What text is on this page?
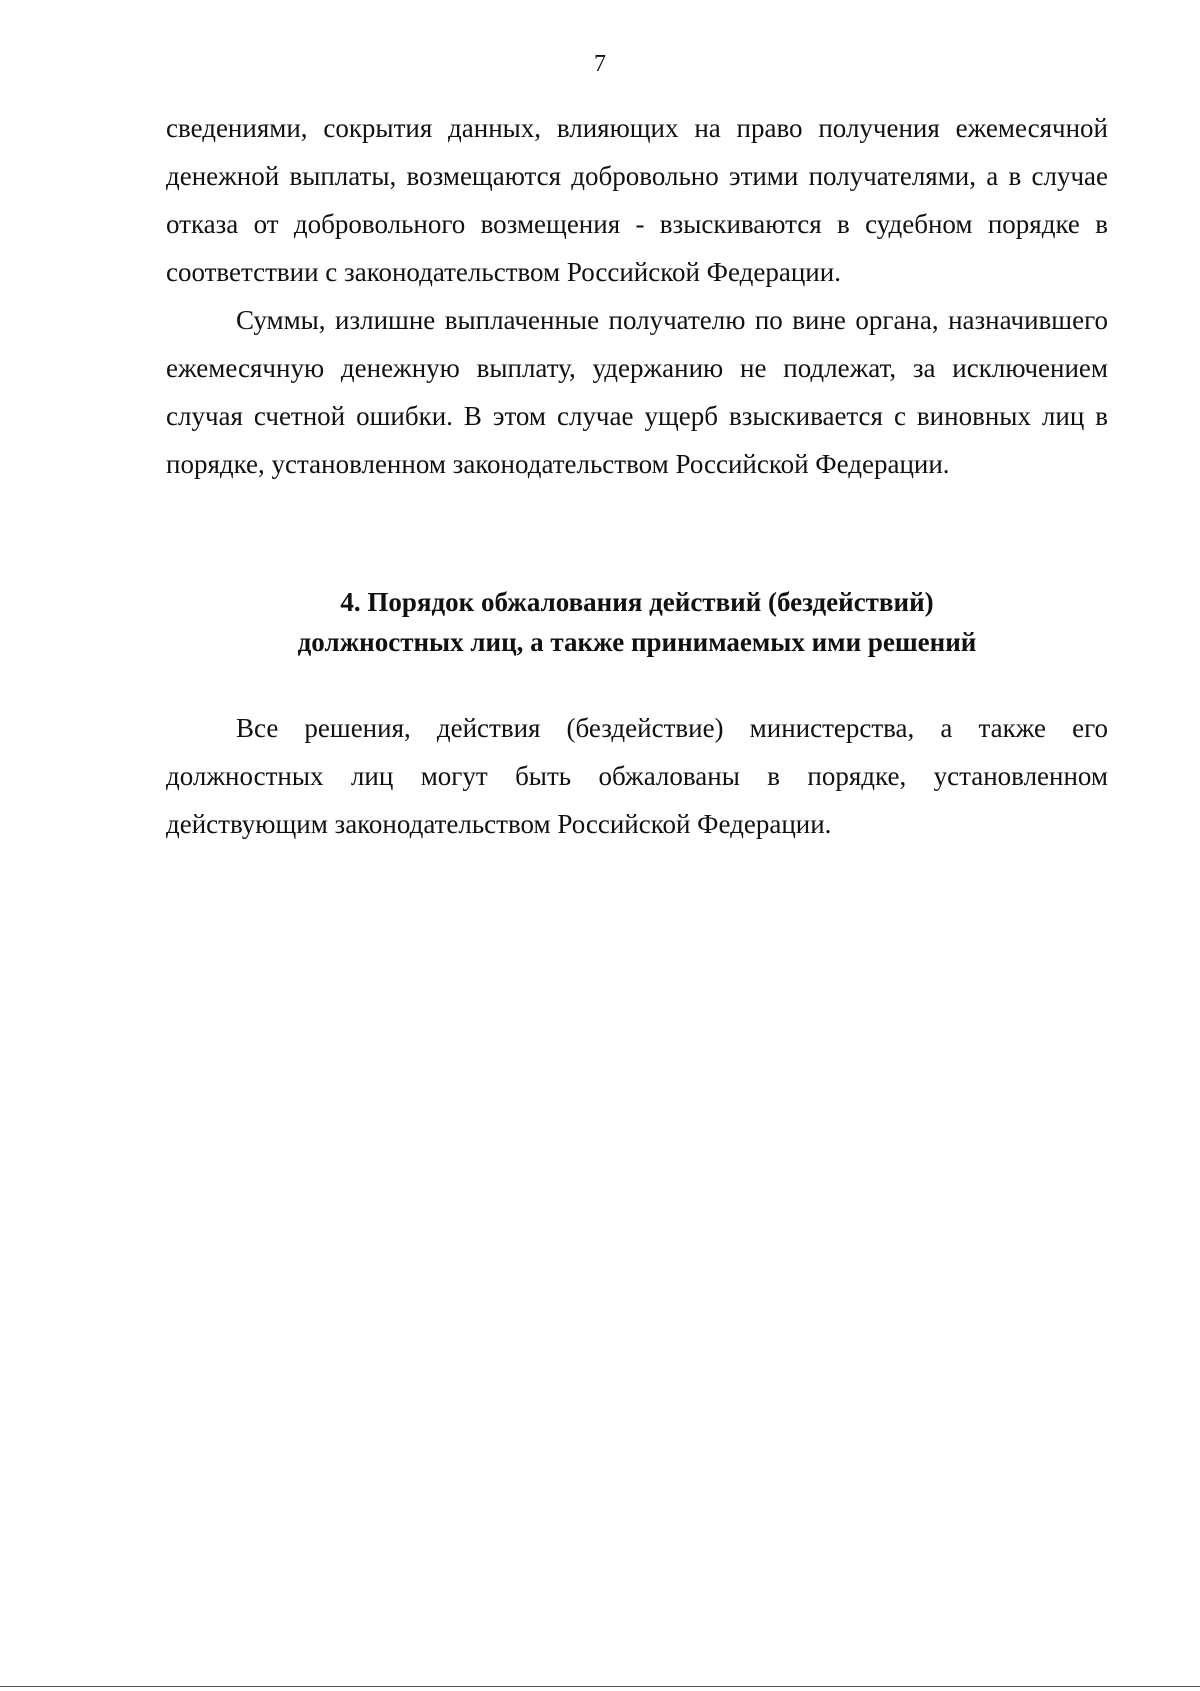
7

сведениями, сокрытия данных, влияющих на право получения ежемесячной денежной выплаты, возмещаются добровольно этими получателями, а в случае отказа от добровольного возмещения - взыскиваются в судебном порядке в соответствии с законодательством Российской Федерации.

Суммы, излишне выплаченные получателю по вине органа, назначившего ежемесячную денежную выплату, удержанию не подлежат, за исключением случая счетной ошибки. В этом случае ущерб взыскивается с виновных лиц в порядке, установленном законодательством Российской Федерации.

4. Порядок обжалования действий (бездействий)
должностных лиц, а также принимаемых ими решений

Все решения, действия (бездействие) министерства, а также его должностных лиц могут быть обжалованы в порядке, установленном действующим законодательством Российской Федерации.
